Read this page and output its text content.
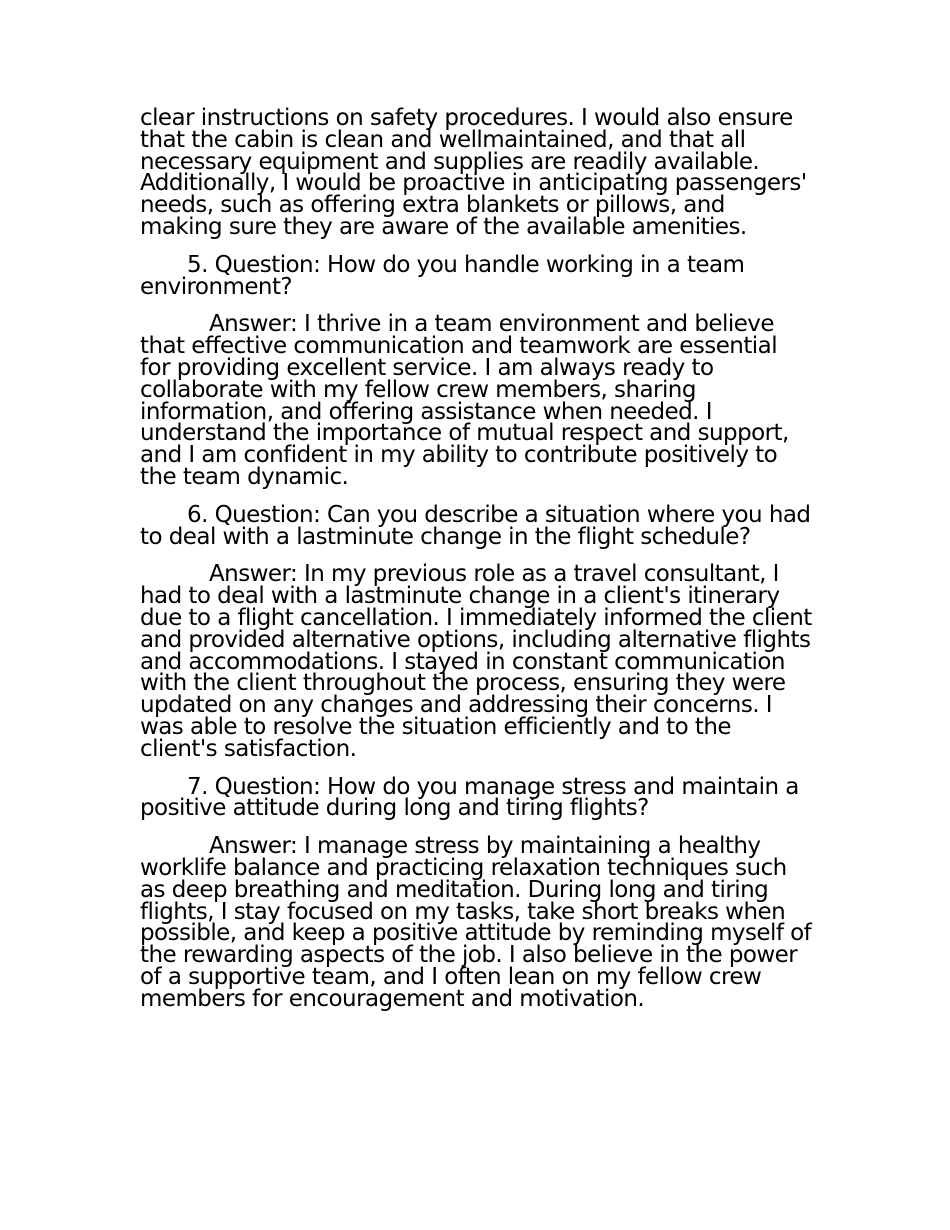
clear instructions on safety procedures. I would also ensure that the cabin is clean and wellmaintained, and that all necessary equipment and supplies are readily available. Additionally, I would be proactive in anticipating passengers' needs, such as offering extra blankets or pillows, and making sure they are aware of the available amenities.

5. Question: How do you handle working in a team environment?

Answer: I thrive in a team environment and believe that effective communication and teamwork are essential for providing excellent service. I am always ready to collaborate with my fellow crew members, sharing information, and offering assistance when needed. I understand the importance of mutual respect and support, and I am confident in my ability to contribute positively to the team dynamic.

6. Question: Can you describe a situation where you had to deal with a lastminute change in the flight schedule?

Answer: In my previous role as a travel consultant, I had to deal with a lastminute change in a client's itinerary due to a flight cancellation. I immediately informed the client and provided alternative options, including alternative flights and accommodations. I stayed in constant communication with the client throughout the process, ensuring they were updated on any changes and addressing their concerns. I was able to resolve the situation efficiently and to the client's satisfaction.

7. Question: How do you manage stress and maintain a positive attitude during long and tiring flights?

Answer: I manage stress by maintaining a healthy worklife balance and practicing relaxation techniques such as deep breathing and meditation. During long and tiring flights, I stay focused on my tasks, take short breaks when possible, and keep a positive attitude by reminding myself of the rewarding aspects of the job. I also believe in the power of a supportive team, and I often lean on my fellow crew members for encouragement and motivation.
